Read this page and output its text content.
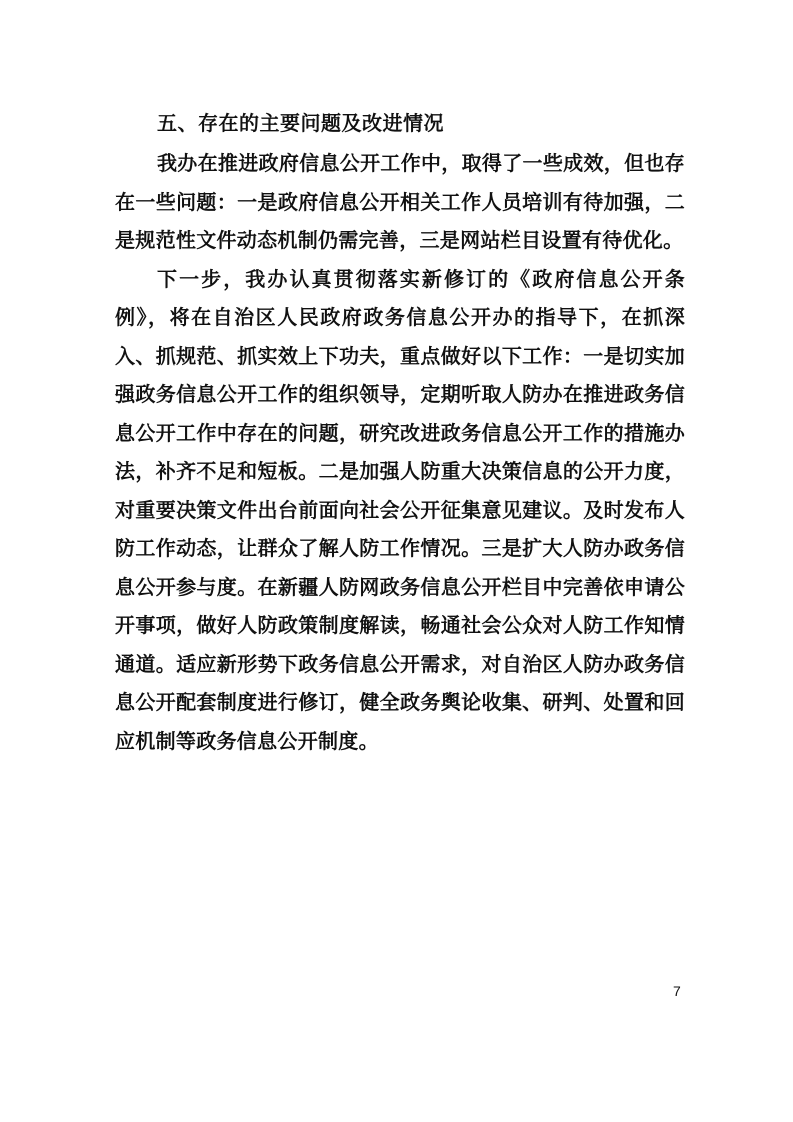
五、存在的主要问题及改进情况

我办在推进政府信息公开工作中，取得了一些成效，但也存在一些问题：一是政府信息公开相关工作人员培训有待加强，二是规范性文件动态机制仍需完善，三是网站栏目设置有待优化。

下一步，我办认真贯彻落实新修订的《政府信息公开条例》，将在自治区人民政府政务信息公开办的指导下，在抓深入、抓规范、抓实效上下功夫，重点做好以下工作：一是切实加强政务信息公开工作的组织领导，定期听取人防办在推进政务信息公开工作中存在的问题，研究改进政务信息公开工作的措施办法，补齐不足和短板。二是加强人防重大决策信息的公开力度，对重要决策文件出台前面向社会公开征集意见建议。及时发布人防工作动态，让群众了解人防工作情况。三是扩大人防办政务信息公开参与度。在新疆人防网政务信息公开栏目中完善依申请公开事项，做好人防政策制度解读，畅通社会公众对人防工作知情通道。适应新形势下政务信息公开需求，对自治区人防办政务信息公开配套制度进行修订，健全政务舆论收集、研判、处置和回应机制等政务信息公开制度。

7
